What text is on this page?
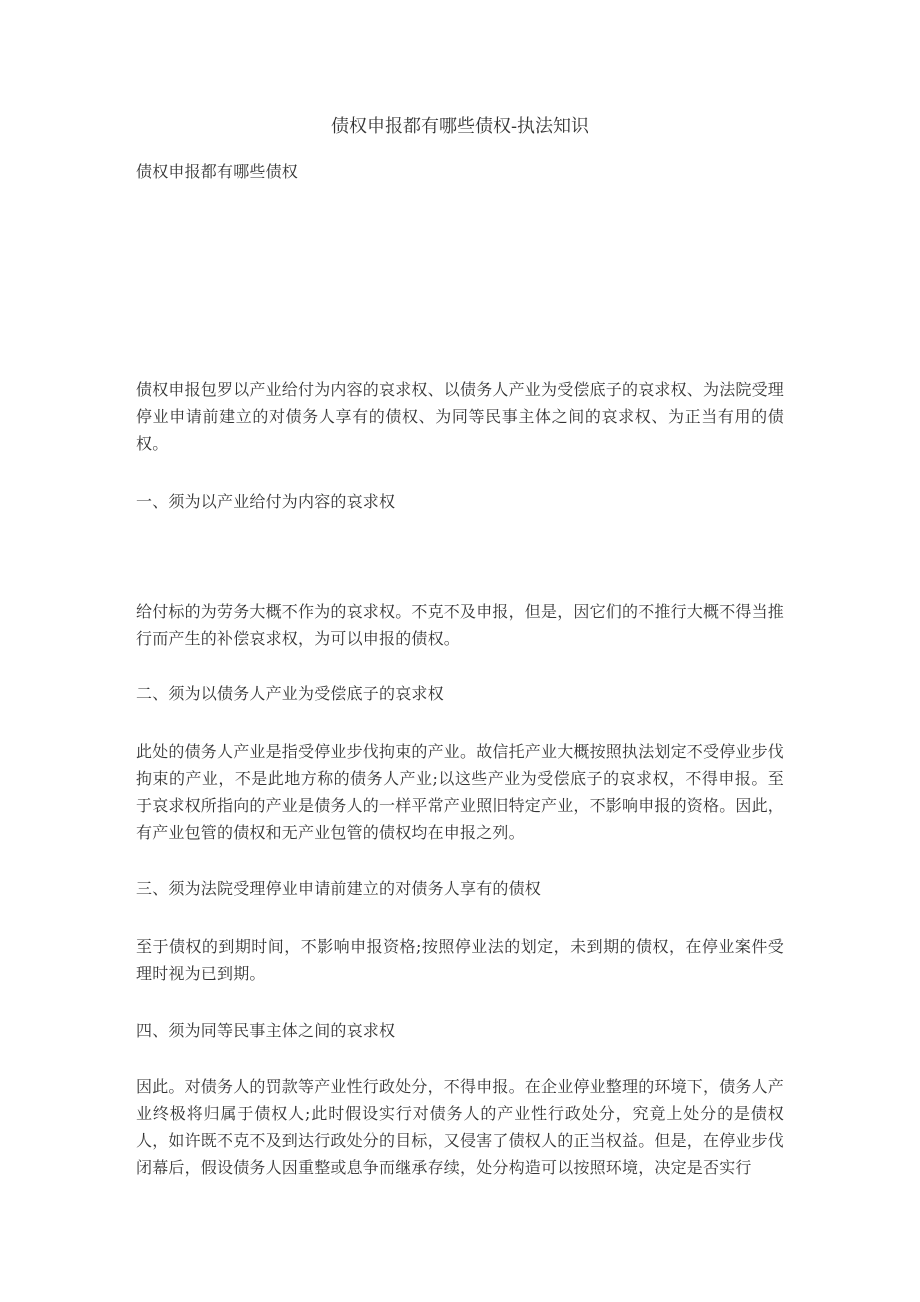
债权申报都有哪些债权-执法知识

债权申报都有哪些债权

债权申报包罗以产业给付为内容的哀求权、以债务人产业为受偿底子的哀求权、为法院受理停业申请前建立的对债务人享有的债权、为同等民事主体之间的哀求权、为正当有用的债权。

一、须为以产业给付为内容的哀求权

给付标的为劳务大概不作为的哀求权。不克不及申报，但是，因它们的不推行大概不得当推行而产生的补偿哀求权，为可以申报的债权。

二、须为以债务人产业为受偿底子的哀求权

此处的债务人产业是指受停业步伐拘束的产业。故信托产业大概按照执法划定不受停业步伐拘束的产业，不是此地方称的债务人产业;以这些产业为受偿底子的哀求权，不得申报。至于哀求权所指向的产业是债务人的一样平常产业照旧特定产业，不影响申报的资格。因此，有产业包管的债权和无产业包管的债权均在申报之列。

三、须为法院受理停业申请前建立的对债务人享有的债权

至于债权的到期时间，不影响申报资格;按照停业法的划定，未到期的债权，在停业案件受理时视为已到期。

四、须为同等民事主体之间的哀求权

因此。对债务人的罚款等产业性行政处分，不得申报。在企业停业整理的环境下，债务人产业终极将归属于债权人;此时假设实行对债务人的产业性行政处分，究竟上处分的是债权人，如许既不克不及到达行政处分的目标，又侵害了债权人的正当权益。但是，在停业步伐闭幕后，假设债务人因重整或息争而继承存续，处分构造可以按照环境，决定是否实行
